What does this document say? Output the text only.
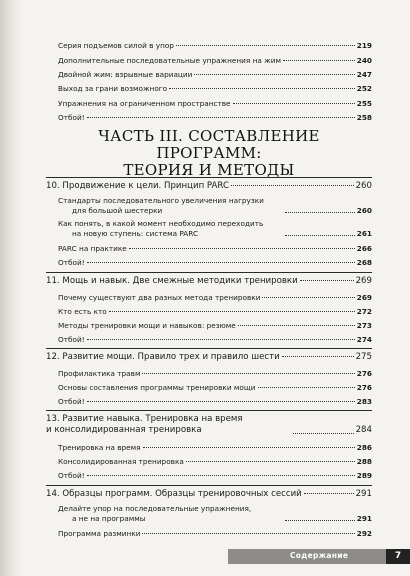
Серия подъемов силой в упор	219
Дополнительные последовательные упражнения на жим	240
Двойной жим: взрывные вариации	247
Выход за грани возможного	252
Упражнения на ограниченном пространстве	255
Отбой!	258
ЧАСТЬ III. СОСТАВЛЕНИЕ ПРОГРАММ:
ТЕОРИЯ И МЕТОДЫ
10. Продвижение к цели. Принцип PARC	260
Стандарты последовательного увеличения нагрузки
для большой шестерки	260
Как понять, в какой момент необходимо переходить
на новую ступень: система PARC	261
PARC на практике	266
Отбой!	268
11. Мощь и навык. Две смежные методики тренировки	269
Почему существуют два разных метода тренировки	269
Кто есть кто	272
Методы тренировки мощи и навыков: резюме	273
Отбой!	274
12. Развитие мощи. Правило трех и правило шести	275
Профилактика травм	276
Основы составления программы тренировки мощи	276
Отбой!	283
13. Развитие навыка. Тренировка на время
и консолидированная тренировка	284
Тренировка на время	286
Консолидированная тренировка	288
Отбой!	289
14. Образцы программ. Образцы тренировочных сессий	291
Делайте упор на последовательные упражнения,
а не на программы	291
Программа разминки	292
Содержание	7
